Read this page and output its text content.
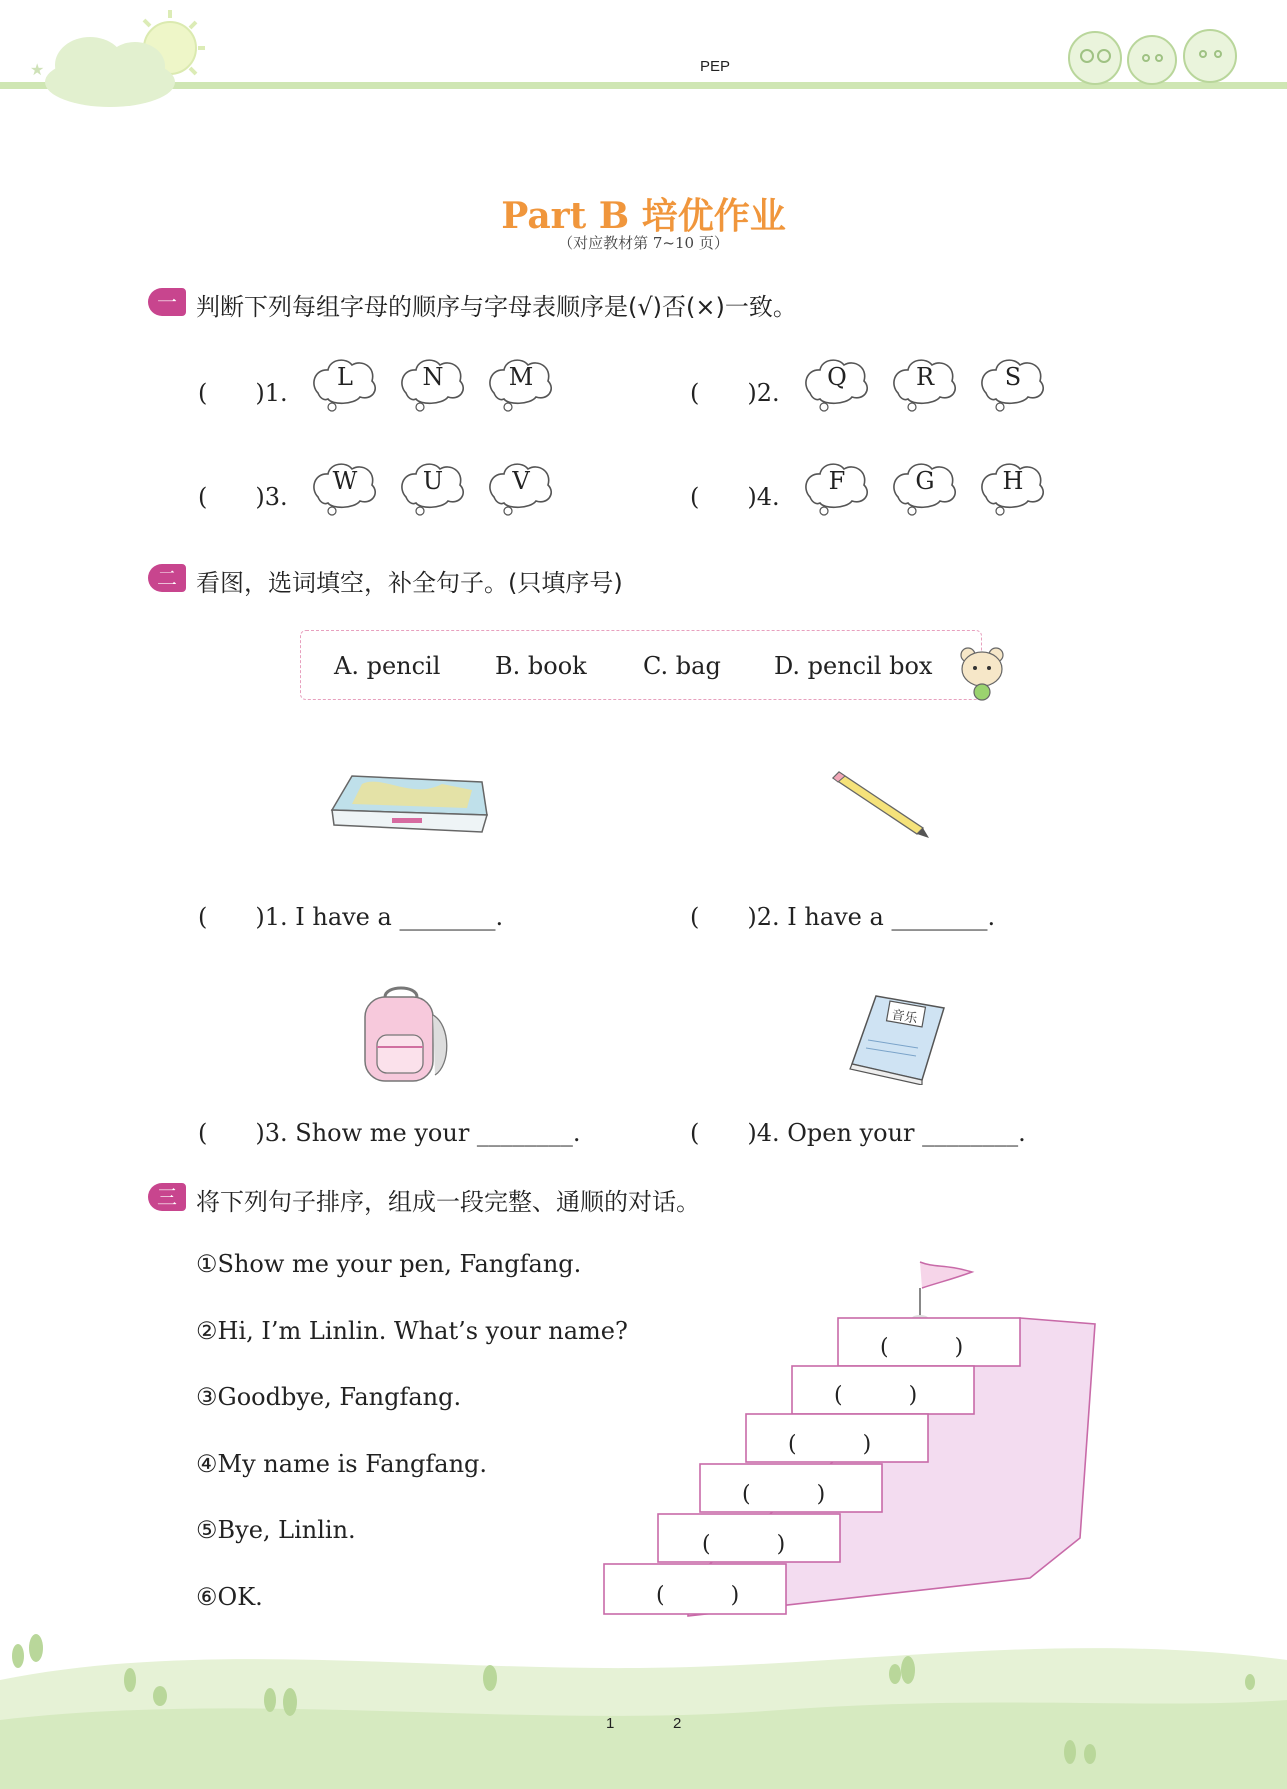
★	PEP
Part B 培优作业
（对应教材第 7~10 页）
一 判断下列每组字母的顺序与字母表顺序是(√)否(×)一致。
(　　)1.
L	N	M
(　　)2.
Q	R	S
(　　)3.
W	U	V
(　　)4.
F	G	H
二 看图，选词填空，补全句子。(只填序号)
A. pencil B. book C. bag D. pencil box
(　　)1. I have a ________.	(　　)2. I have a ________.
音乐
(　　)3. Show me your ________.	(　　)4. Open your ________.
三 将下列句子排序，组成一段完整、通顺的对话。
①Show me your pen, Fangfang.
②Hi, I’m Linlin. What’s your name?
③Goodbye, Fangfang.
④My name is Fangfang.
⑤Bye, Linlin.
⑥OK.
(　　　)
(　　　)
(　　　)
(　　　)
(　　　)
(　　　)
1	2
